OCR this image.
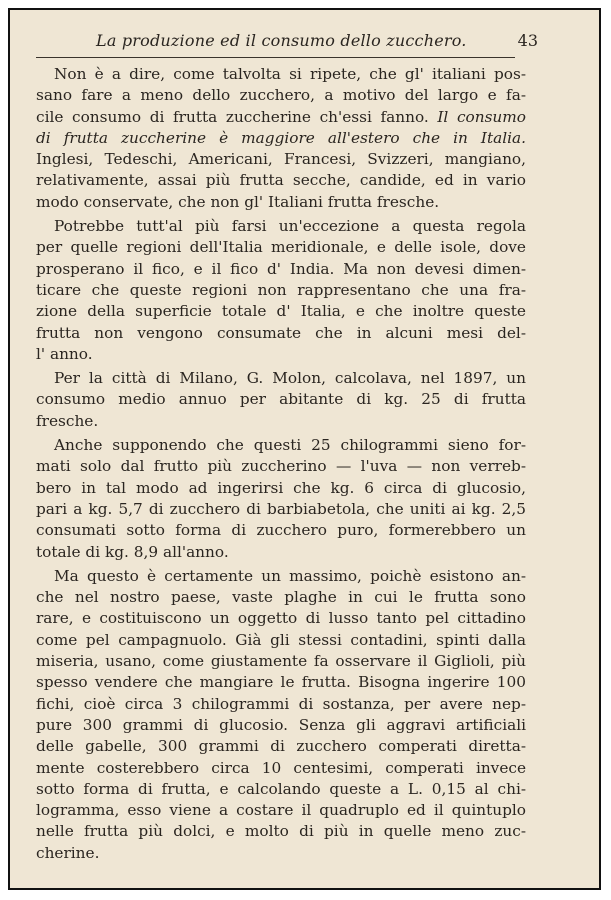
La produzione ed il consumo dello zucchero.	43
Non è a dire, come talvolta si ripete, che gl' italiani pos-
sano fare a meno dello zucchero, a motivo del largo e fa-
cile consumo di frutta zuccherine ch'essi fanno. Il consumo
di frutta zuccherine è maggiore all'estero che in Italia.
Inglesi, Tedeschi, Americani, Francesi, Svizzeri, mangiano,
relativamente, assai più frutta secche, candide, ed in vario
modo conservate, che non gl' Italiani frutta fresche.
Potrebbe tutt'al più farsi un'eccezione a questa regola
per quelle regioni dell'Italia meridionale, e delle isole, dove
prosperano il fico, e il fico d' India. Ma non devesi dimen-
ticare che queste regioni non rappresentano che una fra-
zione della superficie totale d' Italia, e che inoltre queste
frutta non vengono consumate che in alcuni mesi del-
l' anno.
Per la città di Milano, G. Molon, calcolava, nel 1897, un
consumo medio annuo per abitante di kg. 25 di frutta
fresche.
Anche supponendo che questi 25 chilogrammi sieno for-
mati solo dal frutto più zuccherino — l'uva — non verreb-
bero in tal modo ad ingerirsi che kg. 6 circa di glucosio,
pari a kg. 5,7 di zucchero di barbiabetola, che uniti ai kg. 2,5
consumati sotto forma di zucchero puro, formerebbero un
totale di kg. 8,9 all'anno.
Ma questo è certamente un massimo, poichè esistono an-
che nel nostro paese, vaste plaghe in cui le frutta sono
rare, e costituiscono un oggetto di lusso tanto pel cittadino
come pel campagnuolo. Già gli stessi contadini, spinti dalla
miseria, usano, come giustamente fa osservare il Giglioli, più
spesso vendere che mangiare le frutta. Bisogna ingerire 100
fichi, cioè circa 3 chilogrammi di sostanza, per avere nep-
pure 300 grammi di glucosio. Senza gli aggravi artificiali
delle gabelle, 300 grammi di zucchero comperati diretta-
mente costerebbero circa 10 centesimi, comperati invece
sotto forma di frutta, e calcolando queste a L. 0,15 al chi-
logramma, esso viene a costare il quadruplo ed il quintuplo
nelle frutta più dolci, e molto di più in quelle meno zuc-
cherine.
